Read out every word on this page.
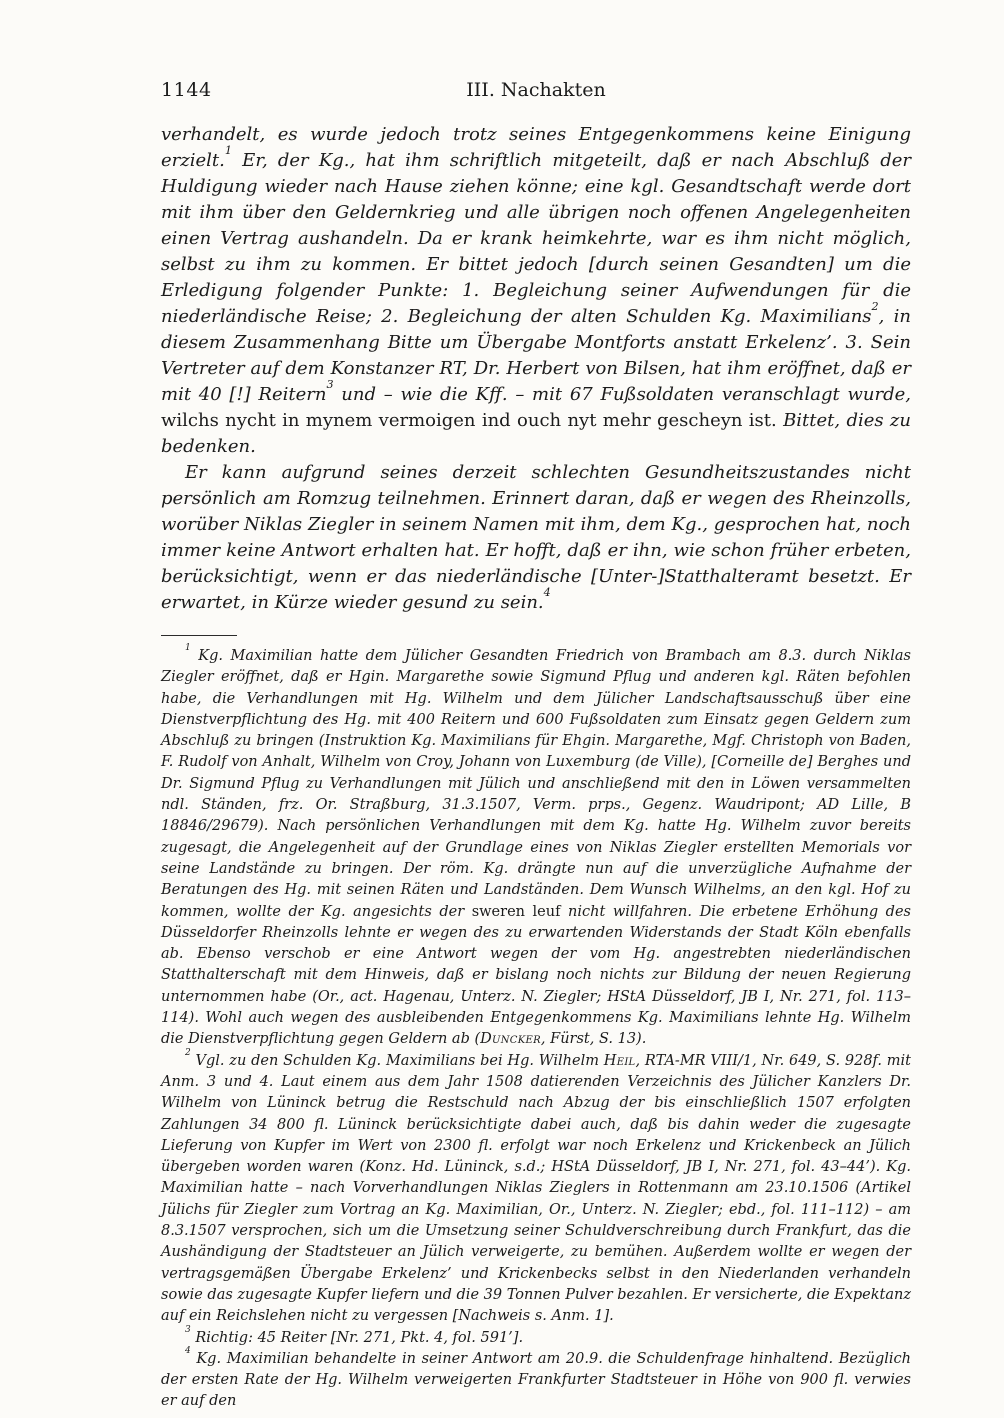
1144	III. Nachakten

verhandelt, es wurde jedoch trotz seines Entgegenkommens keine Einigung erzielt.$^1$ Er, der Kg., hat ihm schriftlich mitgeteilt, daß er nach Abschluß der Huldigung wieder nach Hause ziehen könne; eine kgl. Gesandtschaft werde dort mit ihm über den Geldernkrieg und alle übrigen noch offenen Angelegenheiten einen Vertrag aushandeln. Da er krank heimkehrte, war es ihm nicht möglich, selbst zu ihm zu kommen. Er bittet jedoch [durch seinen Gesandten] um die Erledigung folgender Punkte: 1. Begleichung seiner Aufwendungen für die niederländische Reise; 2. Begleichung der alten Schulden Kg. Maximilians$^2$, in diesem Zusammenhang Bitte um Übergabe Montforts anstatt Erkelenz’. 3. Sein Vertreter auf dem Konstanzer RT, Dr. Herbert von Bilsen, hat ihm eröffnet, daß er mit 40 [!] Reitern$^3$ und – wie die Kff. – mit 67 Fußsoldaten veranschlagt wurde, wilchs nycht in mynem vermoigen ind ouch nyt mehr gescheyn ist. Bittet, dies zu bedenken.

Er kann aufgrund seines derzeit schlechten Gesundheitszustandes nicht persönlich am Romzug teilnehmen. Erinnert daran, daß er wegen des Rheinzolls, worüber Niklas Ziegler in seinem Namen mit ihm, dem Kg., gesprochen hat, noch immer keine Antwort erhalten hat. Er hofft, daß er ihn, wie schon früher erbeten, berücksichtigt, wenn er das niederländische [Unter-]Statthalteramt besetzt. Er erwartet, in Kürze wieder gesund zu sein.$^4$

$^1$ Kg. Maximilian hatte dem Jülicher Gesandten Friedrich von Brambach am 8.3. durch Niklas Ziegler eröffnet, daß er Hgin. Margarethe sowie Sigmund Pflug und anderen kgl. Räten befohlen habe, die Verhandlungen mit Hg. Wilhelm und dem Jülicher Landschaftsausschuß über eine Dienstverpflichtung des Hg. mit 400 Reitern und 600 Fußsoldaten zum Einsatz gegen Geldern zum Abschluß zu bringen (Instruktion Kg. Maximilians für Ehgin. Margarethe, Mgf. Christoph von Baden, F. Rudolf von Anhalt, Wilhelm von Croy, Johann von Luxemburg (de Ville), [Corneille de] Berghes und Dr. Sigmund Pflug zu Verhandlungen mit Jülich und anschließend mit den in Löwen versammelten ndl. Ständen, frz. Or. Straßburg, 31.3.1507, Verm. prps., Gegenz. Waudripont; AD Lille, B 18846/29679). Nach persönlichen Verhandlungen mit dem Kg. hatte Hg. Wilhelm zuvor bereits zugesagt, die Angelegenheit auf der Grundlage eines von Niklas Ziegler erstellten Memorials vor seine Landstände zu bringen. Der röm. Kg. drängte nun auf die unverzügliche Aufnahme der Beratungen des Hg. mit seinen Räten und Landständen. Dem Wunsch Wilhelms, an den kgl. Hof zu kommen, wollte der Kg. angesichts der sweren leuf nicht willfahren. Die erbetene Erhöhung des Düsseldorfer Rheinzolls lehnte er wegen des zu erwartenden Widerstands der Stadt Köln ebenfalls ab. Ebenso verschob er eine Antwort wegen der vom Hg. angestrebten niederländischen Statthalterschaft mit dem Hinweis, daß er bislang noch nichts zur Bildung der neuen Regierung unternommen habe (Or., act. Hagenau, Unterz. N. Ziegler; HStA Düsseldorf, JB I, Nr. 271, fol. 113–114). Wohl auch wegen des ausbleibenden Entgegenkommens Kg. Maximilians lehnte Hg. Wilhelm die Dienstverpflichtung gegen Geldern ab (Duncker, Fürst, S. 13).

$^2$ Vgl. zu den Schulden Kg. Maximilians bei Hg. Wilhelm Heil, RTA-MR VIII/1, Nr. 649, S. 928f. mit Anm. 3 und 4. Laut einem aus dem Jahr 1508 datierenden Verzeichnis des Jülicher Kanzlers Dr. Wilhelm von Lüninck betrug die Restschuld nach Abzug der bis einschließlich 1507 erfolgten Zahlungen 34 800 fl. Lüninck berücksichtigte dabei auch, daß bis dahin weder die zugesagte Lieferung von Kupfer im Wert von 2300 fl. erfolgt war noch Erkelenz und Krickenbeck an Jülich übergeben worden waren (Konz. Hd. Lüninck, s.d.; HStA Düsseldorf, JB I, Nr. 271, fol. 43–44’). Kg. Maximilian hatte – nach Vorverhandlungen Niklas Zieglers in Rottenmann am 23.10.1506 (Artikel Jülichs für Ziegler zum Vortrag an Kg. Maximilian, Or., Unterz. N. Ziegler; ebd., fol. 111–112) – am 8.3.1507 versprochen, sich um die Umsetzung seiner Schuldverschreibung durch Frankfurt, das die Aushändigung der Stadtsteuer an Jülich verweigerte, zu bemühen. Außerdem wollte er wegen der vertragsgemäßen Übergabe Erkelenz’ und Krickenbecks selbst in den Niederlanden verhandeln sowie das zugesagte Kupfer liefern und die 39 Tonnen Pulver bezahlen. Er versicherte, die Expektanz auf ein Reichslehen nicht zu vergessen [Nachweis s. Anm. 1].

$^3$ Richtig: 45 Reiter [Nr. 271, Pkt. 4, fol. 591’].

$^4$ Kg. Maximilian behandelte in seiner Antwort am 20.9. die Schuldenfrage hinhaltend. Bezüglich der ersten Rate der Hg. Wilhelm verweigerten Frankfurter Stadtsteuer in Höhe von 900 fl. verwies er auf den
